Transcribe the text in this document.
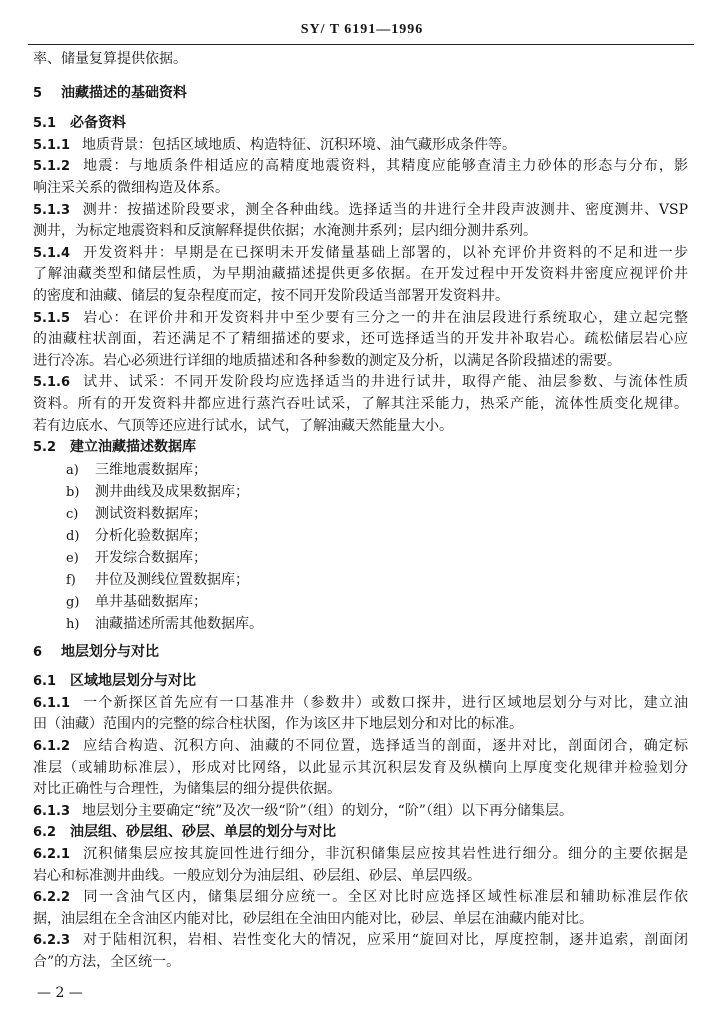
SY/ T 6191—1996
率、储量复算提供依据。
5 油藏描述的基础资料
5.1 必备资料
5.1.1 地质背景：包括区域地质、构造特征、沉积环境、油气藏形成条件等。
5.1.2 地震：与地质条件相适应的高精度地震资料，其精度应能够查清主力砂体的形态与分布，影
响注采关系的微细构造及体系。
5.1.3 测井：按描述阶段要求，测全各种曲线。选择适当的井进行全井段声波测井、密度测井、VSP
测井，为标定地震资料和反演解释提供依据；水淹测井系列；层内细分测井系列。
5.1.4 开发资料井：早期是在已探明未开发储量基础上部署的，以补充评价井资料的不足和进一步
了解油藏类型和储层性质，为早期油藏描述提供更多依据。在开发过程中开发资料井密度应视评价井
的密度和油藏、储层的复杂程度而定，按不同开发阶段适当部署开发资料井。
5.1.5 岩心：在评价井和开发资料井中至少要有三分之一的井在油层段进行系统取心，建立起完整
的油藏柱状剖面，若还满足不了精细描述的要求，还可选择适当的开发井补取岩心。疏松储层岩心应
进行冷冻。岩心必须进行详细的地质描述和各种参数的测定及分析，以满足各阶段描述的需要。
5.1.6 试井、试采：不同开发阶段均应选择适当的井进行试井，取得产能、油层参数、与流体性质
资料。所有的开发资料井都应进行蒸汽吞吐试采，了解其注采能力，热采产能，流体性质变化规律。
若有边底水、气顶等还应进行试水，试气，了解油藏天然能量大小。
5.2 建立油藏描述数据库
a) 三维地震数据库；
b) 测井曲线及成果数据库；
c) 测试资料数据库；
d) 分析化验数据库；
e) 开发综合数据库；
f) 井位及测线位置数据库；
g) 单井基础数据库；
h) 油藏描述所需其他数据库。
6 地层划分与对比
6.1 区域地层划分与对比
6.1.1 一个新探区首先应有一口基准井（参数井）或数口探井，进行区域地层划分与对比，建立油
田（油藏）范围内的完整的综合柱状图，作为该区井下地层划分和对比的标准。
6.1.2 应结合构造、沉积方向、油藏的不同位置，选择适当的剖面，逐井对比，剖面闭合，确定标
准层（或辅助标准层），形成对比网络，以此显示其沉积层发育及纵横向上厚度变化规律并检验划分
对比正确性与合理性，为储集层的细分提供依据。
6.1.3 地层划分主要确定“统”及次一级“阶”（组）的划分，“阶”（组）以下再分储集层。
6.2 油层组、砂层组、砂层、单层的划分与对比
6.2.1 沉积储集层应按其旋回性进行细分，非沉积储集层应按其岩性进行细分。细分的主要依据是
岩心和标准测井曲线。一般应划分为油层组、砂层组、砂层、单层四级。
6.2.2 同一含油气区内，储集层细分应统一。全区对比时应选择区域性标准层和辅助标准层作依
据，油层组在全含油区内能对比，砂层组在全油田内能对比，砂层、单层在油藏内能对比。
6.2.3 对于陆相沉积，岩相、岩性变化大的情况，应采用“旋回对比，厚度控制，逐井追索，剖面闭
合”的方法，全区统一。
— 2 —
